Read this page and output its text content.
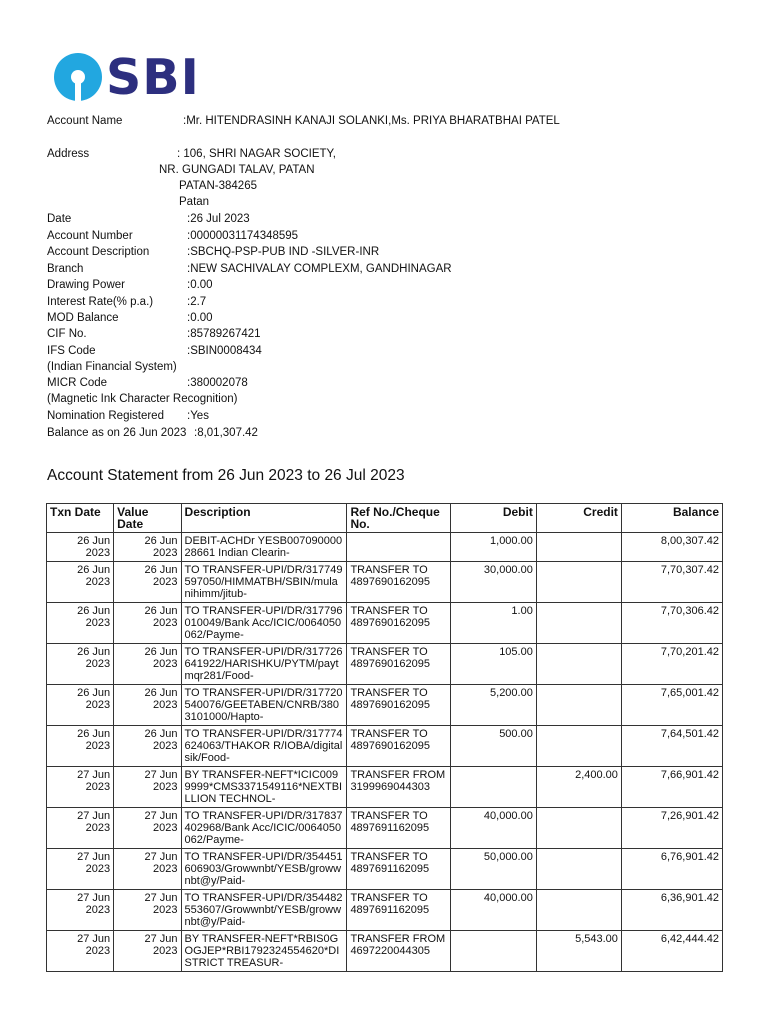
SBI
Account Name	:Mr. HITENDRASINH KANAJI SOLANKI,Ms. PRIYA BHARATBHAI PATEL
Address	: 106, SHRI NAGAR SOCIETY,
NR. GUNGADI TALAV, PATAN
PATAN-384265
Patan
Date	:26 Jul 2023
Account Number	:00000031174348595
Account Description	:SBCHQ-PSP-PUB IND -SILVER-INR
Branch	:NEW SACHIVALAY COMPLEXM, GANDHINAGAR
Drawing Power	:0.00
Interest Rate(% p.a.)	:2.7
MOD Balance	:0.00
CIF No.	:85789267421
IFS Code	:SBIN0008434
(Indian Financial System)
MICR Code	:380002078
(Magnetic Ink Character Recognition)
Nomination Registered :Yes
Balance as on 26 Jun 2023 :8,01,307.42
Account Statement from 26 Jun 2023 to 26 Jul 2023
Txn Date	Value Date	Description	Ref No./Cheque No.	Debit	Credit	Balance
26 Jun 2023	26 Jun 2023	DEBIT-ACHDr YESB00709000028661 Indian Clearin-		1,000.00		8,00,307.42
26 Jun 2023	26 Jun 2023	TO TRANSFER-UPI/DR/317749597050/HIMMATBH/SBIN/mulanihimm/jitub-	TRANSFER TO 4897690162095	30,000.00		7,70,307.42
26 Jun 2023	26 Jun 2023	TO TRANSFER-UPI/DR/317796010049/Bank Acc/ICIC/0064050062/Payme-	TRANSFER TO 4897690162095	1.00		7,70,306.42
26 Jun 2023	26 Jun 2023	TO TRANSFER-UPI/DR/317726641922/HARISHKU/PYTM/paytmqr281/Food-	TRANSFER TO 4897690162095	105.00		7,70,201.42
26 Jun 2023	26 Jun 2023	TO TRANSFER-UPI/DR/317720540076/GEETABEN/CNRB/3803101000/Hapto-	TRANSFER TO 4897690162095	5,200.00		7,65,001.42
26 Jun 2023	26 Jun 2023	TO TRANSFER-UPI/DR/317774624063/THAKOR R/IOBA/digitalsik/Food-	TRANSFER TO 4897690162095	500.00		7,64,501.42
27 Jun 2023	27 Jun 2023	BY TRANSFER-NEFT*ICIC0099999*CMS3371549116*NEXTBILLION TECHNOL-	TRANSFER FROM 3199969044303		2,400.00	7,66,901.42
27 Jun 2023	27 Jun 2023	TO TRANSFER-UPI/DR/317837402968/Bank Acc/ICIC/0064050062/Payme-	TRANSFER TO 4897691162095	40,000.00		7,26,901.42
27 Jun 2023	27 Jun 2023	TO TRANSFER-UPI/DR/354451606903/Growwnbt/YESB/growwnbt@y/Paid-	TRANSFER TO 4897691162095	50,000.00		6,76,901.42
27 Jun 2023	27 Jun 2023	TO TRANSFER-UPI/DR/354482553607/Growwnbt/YESB/growwnbt@y/Paid-	TRANSFER TO 4897691162095	40,000.00		6,36,901.42
27 Jun 2023	27 Jun 2023	BY TRANSFER-NEFT*RBIS0GOGJEP*RBI1792324554620*DISTRICT TREASUR-	TRANSFER FROM 4697220044305		5,543.00	6,42,444.42
